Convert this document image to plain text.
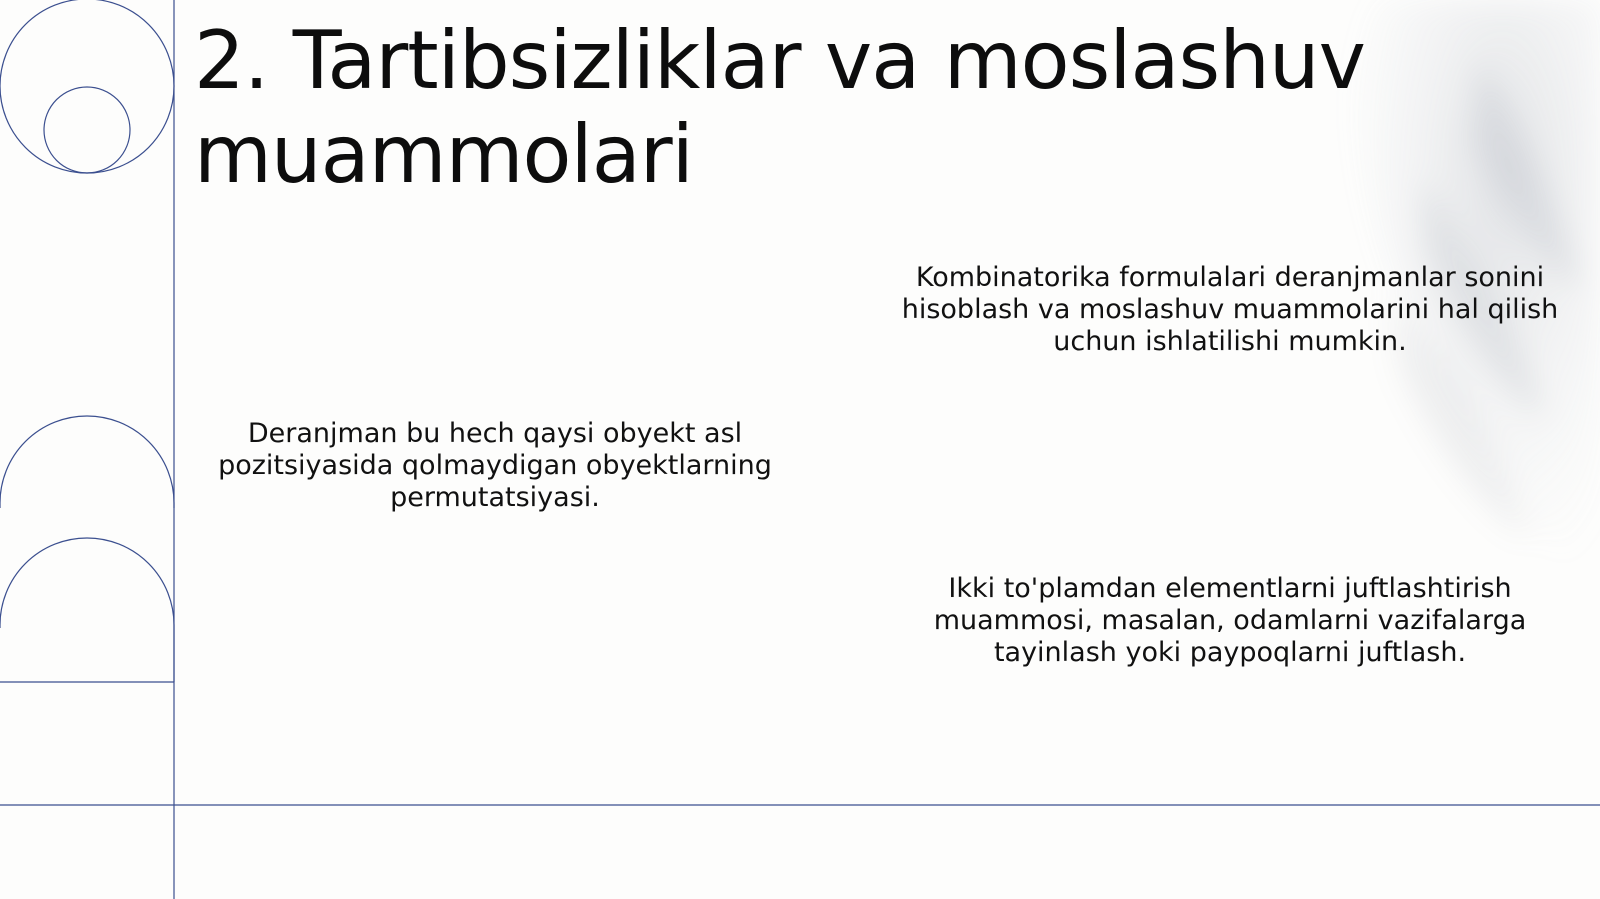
2. Tartibsizliklar va moslashuv muammolari

Kombinatorika formulalari deranjmanlar sonini hisoblash va moslashuv muammolarini hal qilish uchun ishlatilishi mumkin.

Deranjman bu hech qaysi obyekt asl pozitsiyasida qolmaydigan obyektlarning permutatsiyasi.

Ikki to'plamdan elementlarni juftlashtirish muammosi, masalan, odamlarni vazifalarga tayinlash yoki paypoqlarni juftlash.
